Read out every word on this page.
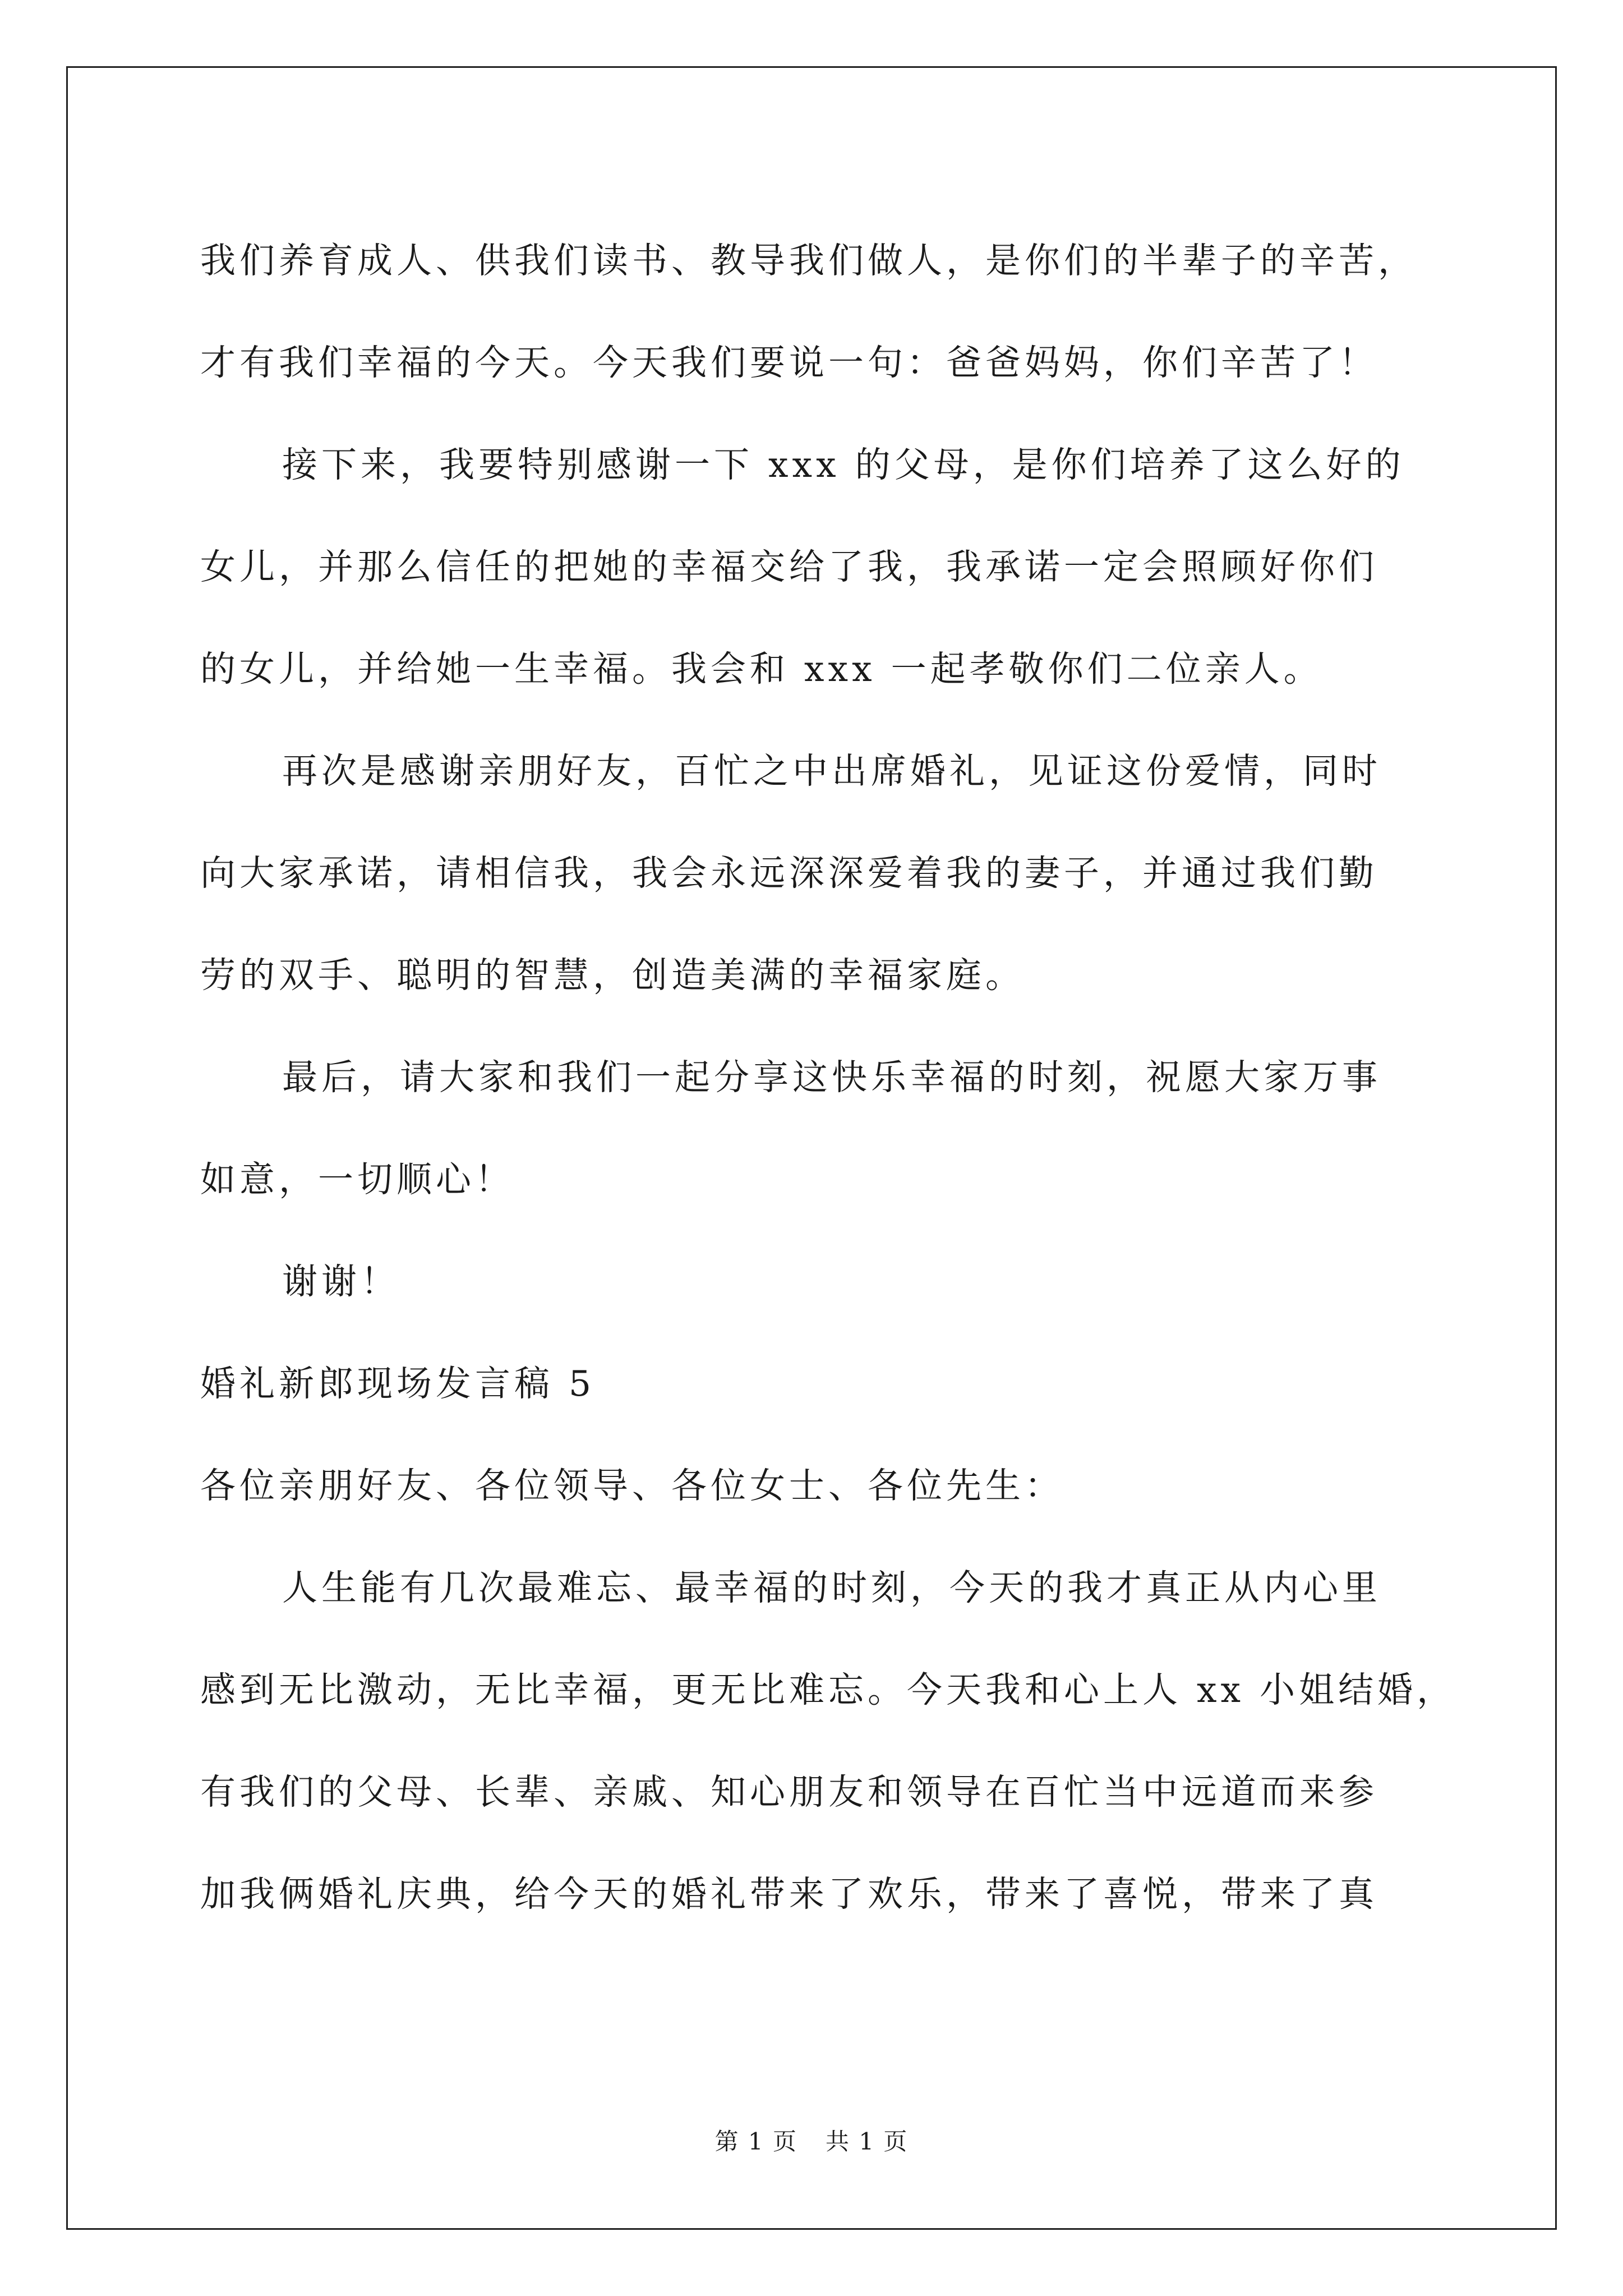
我们养育成人、供我们读书、教导我们做人，是你们的半辈子的辛苦，
才有我们幸福的今天。今天我们要说一句：爸爸妈妈，你们辛苦了！
接下来，我要特别感谢一下 xxx 的父母，是你们培养了这么好的
女儿，并那么信任的把她的幸福交给了我，我承诺一定会照顾好你们
的女儿，并给她一生幸福。我会和 xxx 一起孝敬你们二位亲人。
再次是感谢亲朋好友，百忙之中出席婚礼，见证这份爱情，同时
向大家承诺，请相信我，我会永远深深爱着我的妻子，并通过我们勤
劳的双手、聪明的智慧，创造美满的幸福家庭。
最后，请大家和我们一起分享这快乐幸福的时刻，祝愿大家万事
如意，一切顺心！
谢谢！
婚礼新郎现场发言稿 5
各位亲朋好友、各位领导、各位女士、各位先生：
人生能有几次最难忘、最幸福的时刻，今天的我才真正从内心里
感到无比激动，无比幸福，更无比难忘。今天我和心上人 xx 小姐结婚，
有我们的父母、长辈、亲戚、知心朋友和领导在百忙当中远道而来参
加我俩婚礼庆典，给今天的婚礼带来了欢乐，带来了喜悦，带来了真
第 1 页 共 1 页
